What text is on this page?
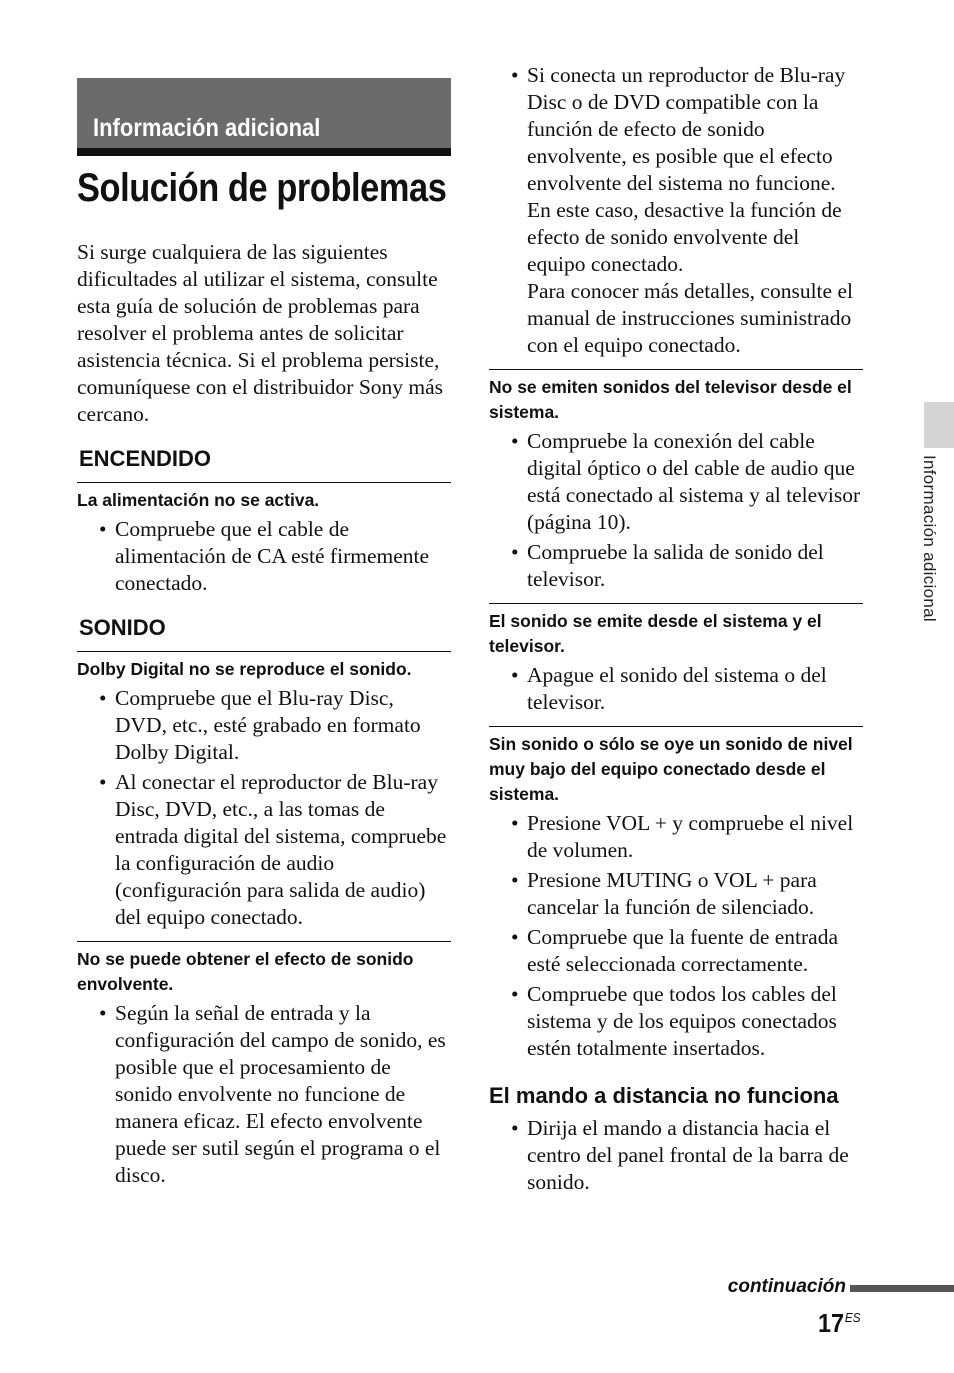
Información adicional
Solución de problemas

Si surge cualquiera de las siguientes dificultades al utilizar el sistema, consulte esta guía de solución de problemas para resolver el problema antes de solicitar asistencia técnica. Si el problema persiste, comuníquese con el distribuidor Sony más cercano.

ENCENDIDO
La alimentación no se activa.
• Compruebe que el cable de alimentación de CA esté firmemente conectado.
SONIDO
Dolby Digital no se reproduce el sonido.
• Compruebe que el Blu-ray Disc, DVD, etc., esté grabado en formato Dolby Digital.
• Al conectar el reproductor de Blu-ray Disc, DVD, etc., a las tomas de entrada digital del sistema, compruebe la configuración de audio (configuración para salida de audio) del equipo conectado.
No se puede obtener el efecto de sonido envolvente.
• Según la señal de entrada y la configuración del campo de sonido, es posible que el procesamiento de sonido envolvente no funcione de manera eficaz. El efecto envolvente puede ser sutil según el programa o el disco.
• Si conecta un reproductor de Blu-ray Disc o de DVD compatible con la función de efecto de sonido envolvente, es posible que el efecto envolvente del sistema no funcione. En este caso, desactive la función de efecto de sonido envolvente del equipo conectado.
Para conocer más detalles, consulte el manual de instrucciones suministrado con el equipo conectado.
No se emiten sonidos del televisor desde el sistema.
• Compruebe la conexión del cable digital óptico o del cable de audio que está conectado al sistema y al televisor (página 10).
• Compruebe la salida de sonido del televisor.
El sonido se emite desde el sistema y el televisor.
• Apague el sonido del sistema o del televisor.
Sin sonido o sólo se oye un sonido de nivel muy bajo del equipo conectado desde el sistema.
• Presione VOL + y compruebe el nivel de volumen.
• Presione MUTING o VOL + para cancelar la función de silenciado.
• Compruebe que la fuente de entrada esté seleccionada correctamente.
• Compruebe que todos los cables del sistema y de los equipos conectados estén totalmente insertados.
El mando a distancia no funciona
• Dirija el mando a distancia hacia el centro del panel frontal de la barra de sonido.
Información adicional
continuación
$17^{ES}$
